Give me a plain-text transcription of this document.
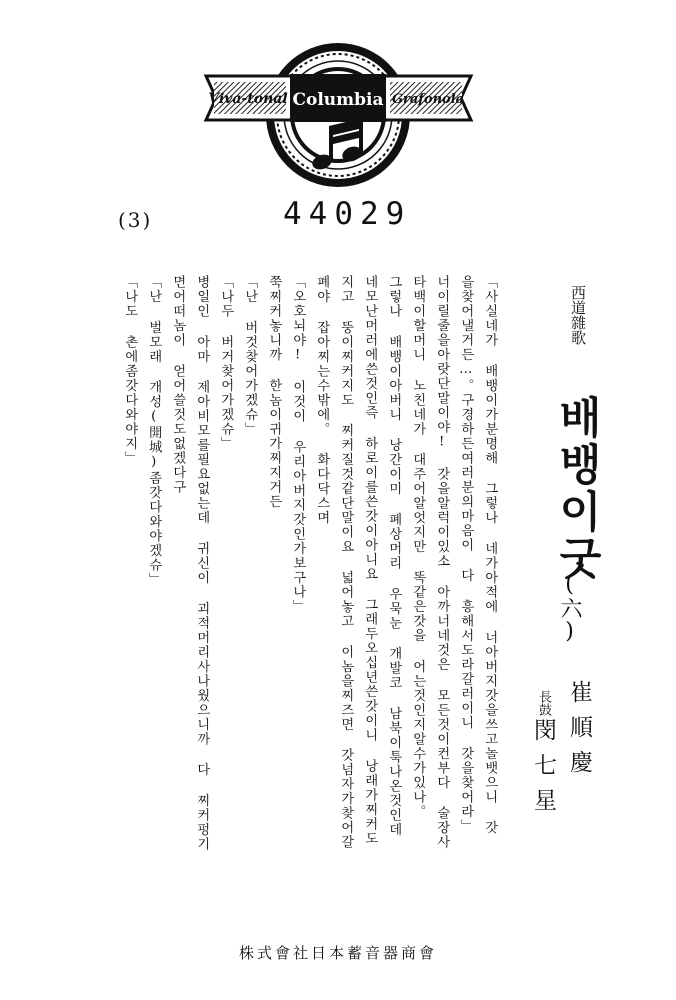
Viva-tonal Columbia Grafonola
(3)	44029
西道雜歌
배뱅이굿
(六)
崔順慶
長鼓
閔七星
「사실네가 배뱅이가분명해 그렇나 네가아적에 너아버지갓을쓰고놀뱃으니 갓
을찾어낼거든…。구경하든여러분의마음이 다 흥해서도라갈러이니 갓을찾어라」
너이릴줄을아랏단말이야! 갓을알럭이있소 아까너네것은 모든것이컨부다 술장사
타백이할머니 노친네가 대주어알엇지만 똑같은갓을 어는것인지알수가있나。
그렇나 배뱅이아버니 낭간이미 폐상머리 우묵눈 개발코 남북이툭나온것인데
네모난머러에쓴것인즉 하로이를쓴갓이아니요 그래두오십년쓴갓이니 낭래가찌커도
지고 뚱이찌커지도 찌커질것같단말이요 넓어놓고 이놈을찌즈면 갓넘자가찾어갈
폐야 잡아찌는수밖에。 화다닥스며
「오호뇌야! 이것이 우리아버지갓인가보구나」
쭉찌커놓니까 한놈이귀가찌지거든
「난 버것찾어가겠슈」
「나두 버거찾어가겠슈」
병일인 아마 제아비모를필요없는데 귀신이 괴적머리사나웠으니까 다 찌커펑기
면어떠놈이 얻어쓸것도없겠다구
「난 벌모래 개성(開城)좀갓다와야겠슈」
「나도 촌에좀갓다와야지」
株式會社日本蓄音器商會
